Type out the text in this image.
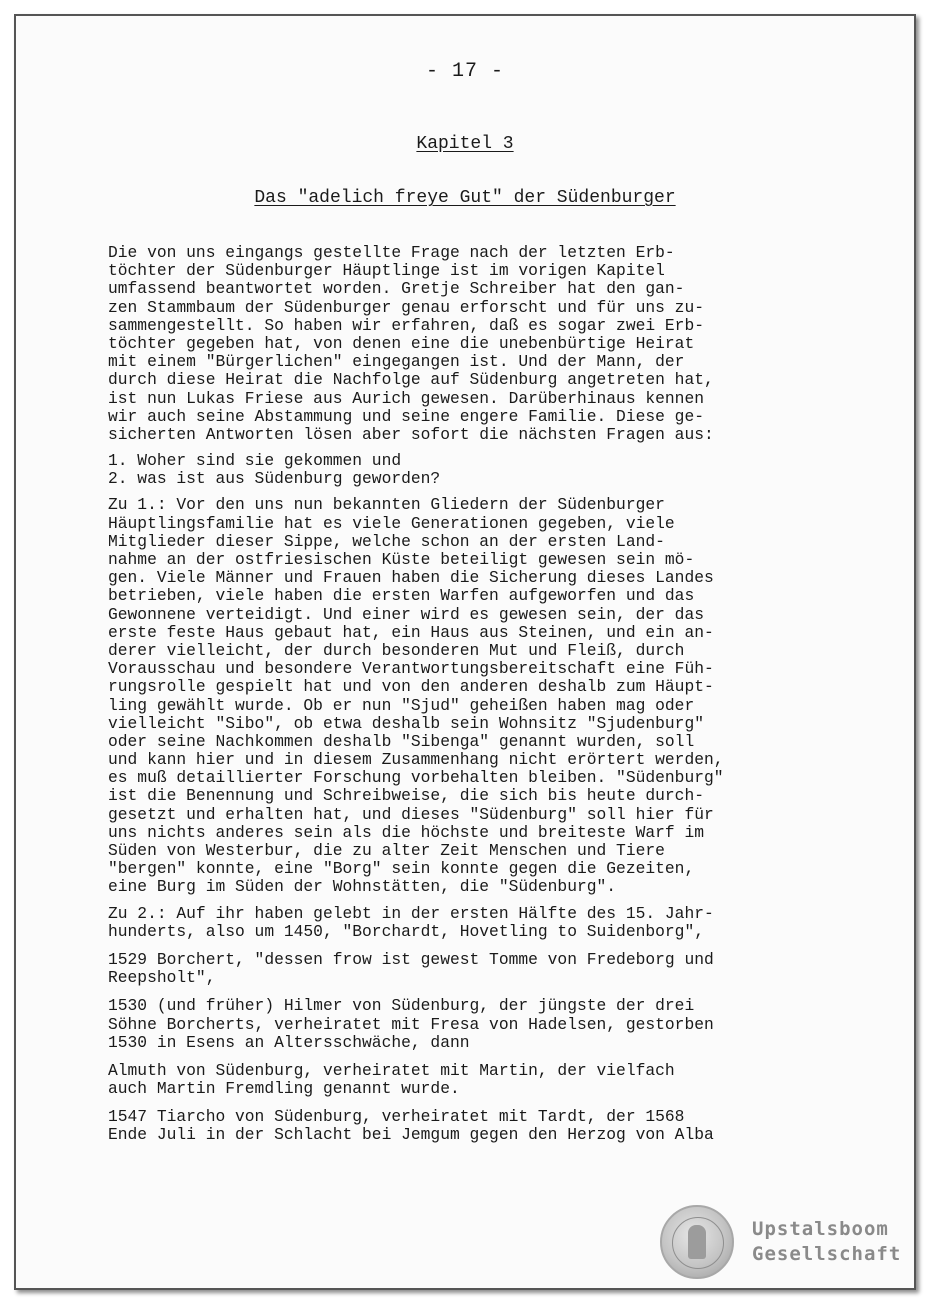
- 17 -
Kapitel 3
Das "adelich freye Gut" der Südenburger
Die von uns eingangs gestellte Frage nach der letzten Erb-
töchter der Südenburger Häuptlinge ist im vorigen Kapitel
umfassend beantwortet worden. Gretje Schreiber hat den gan-
zen Stammbaum der Südenburger genau erforscht und für uns zu-
sammengestellt. So haben wir erfahren, daß es sogar zwei Erb-
töchter gegeben hat, von denen eine die unebenbürtige Heirat
mit einem "Bürgerlichen" eingegangen ist. Und der Mann, der
durch diese Heirat die Nachfolge auf Südenburg angetreten hat,
ist nun Lukas Friese aus Aurich gewesen. Darüberhinaus kennen
wir auch seine Abstammung und seine engere Familie. Diese ge-
sicherten Antworten lösen aber sofort die nächsten Fragen aus:
1. Woher sind sie gekommen und
2. was ist aus Südenburg geworden?
Zu 1.: Vor den uns nun bekannten Gliedern der Südenburger
Häuptlingsfamilie hat es viele Generationen gegeben, viele
Mitglieder dieser Sippe, welche schon an der ersten Land-
nahme an der ostfriesischen Küste beteiligt gewesen sein mö-
gen. Viele Männer und Frauen haben die Sicherung dieses Landes
betrieben, viele haben die ersten Warfen aufgeworfen und das
Gewonnene verteidigt. Und einer wird es gewesen sein, der das
erste feste Haus gebaut hat, ein Haus aus Steinen, und ein an-
derer vielleicht, der durch besonderen Mut und Fleiß, durch
Vorausschau und besondere Verantwortungsbereitschaft eine Füh-
rungsrolle gespielt hat und von den anderen deshalb zum Häupt-
ling gewählt wurde. Ob er nun "Sjud" geheißen haben mag oder
vielleicht "Sibo", ob etwa deshalb sein Wohnsitz "Sjudenburg"
oder seine Nachkommen deshalb "Sibenga" genannt wurden, soll
und kann hier und in diesem Zusammenhang nicht erörtert werden,
es muß detaillierter Forschung vorbehalten bleiben. "Südenburg"
ist die Benennung und Schreibweise, die sich bis heute durch-
gesetzt und erhalten hat, und dieses "Südenburg" soll hier für
uns nichts anderes sein als die höchste und breiteste Warf im
Süden von Westerbur, die zu alter Zeit Menschen und Tiere
"bergen" konnte, eine "Borg" sein konnte gegen die Gezeiten,
eine Burg im Süden der Wohnstätten, die "Südenburg".
Zu 2.: Auf ihr haben gelebt in der ersten Hälfte des 15. Jahr-
hunderts, also um 1450, "Borchardt, Hovetling to Suidenborg",
1529 Borchert, "dessen frow ist gewest Tomme von Fredeborg und
Reepsholt",
1530 (und früher) Hilmer von Südenburg, der jüngste der drei
Söhne Borcherts, verheiratet mit Fresa von Hadelsen, gestorben
1530 in Esens an Altersschwäche, dann
Almuth von Südenburg, verheiratet mit Martin, der vielfach
auch Martin Fremdling genannt wurde.
1547 Tiarcho von Südenburg, verheiratet mit Tardt, der 1568
Ende Juli in der Schlacht bei Jemgum gegen den Herzog von Alba
Upstalsboom
Gesellschaft
